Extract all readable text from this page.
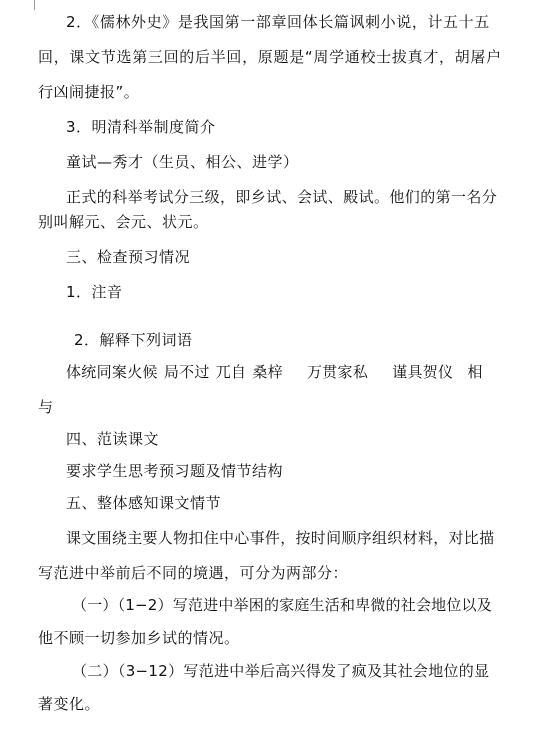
2．《儒林外史》是我国第一部章回体长篇讽刺小说，计五十五
回，课文节选第三回的后半回，原题是“周学通校士拔真才，胡屠户
行凶闹捷报”。
3．明清科举制度简介
童试—秀才（生员、相公、进学）
正式的科举考试分三级，即乡试、会试、殿试。他们的第一名分
别叫解元、会元、状元。
三、检查预习情况
1．注音
2．解释下列词语
体统同案火候 局不过 兀自 桑梓 万贯家私 谨具贺仪 相
与
四、范读课文
要求学生思考预习题及情节结构
五、整体感知课文情节
课文围绕主要人物扣住中心事件，按时间顺序组织材料，对比描
写范进中举前后不同的境遇，可分为两部分：
（一）（1−2）写范进中举困的家庭生活和卑微的社会地位以及
他不顾一切参加乡试的情况。
（二）（3−12）写范进中举后高兴得发了疯及其社会地位的显
著变化。
